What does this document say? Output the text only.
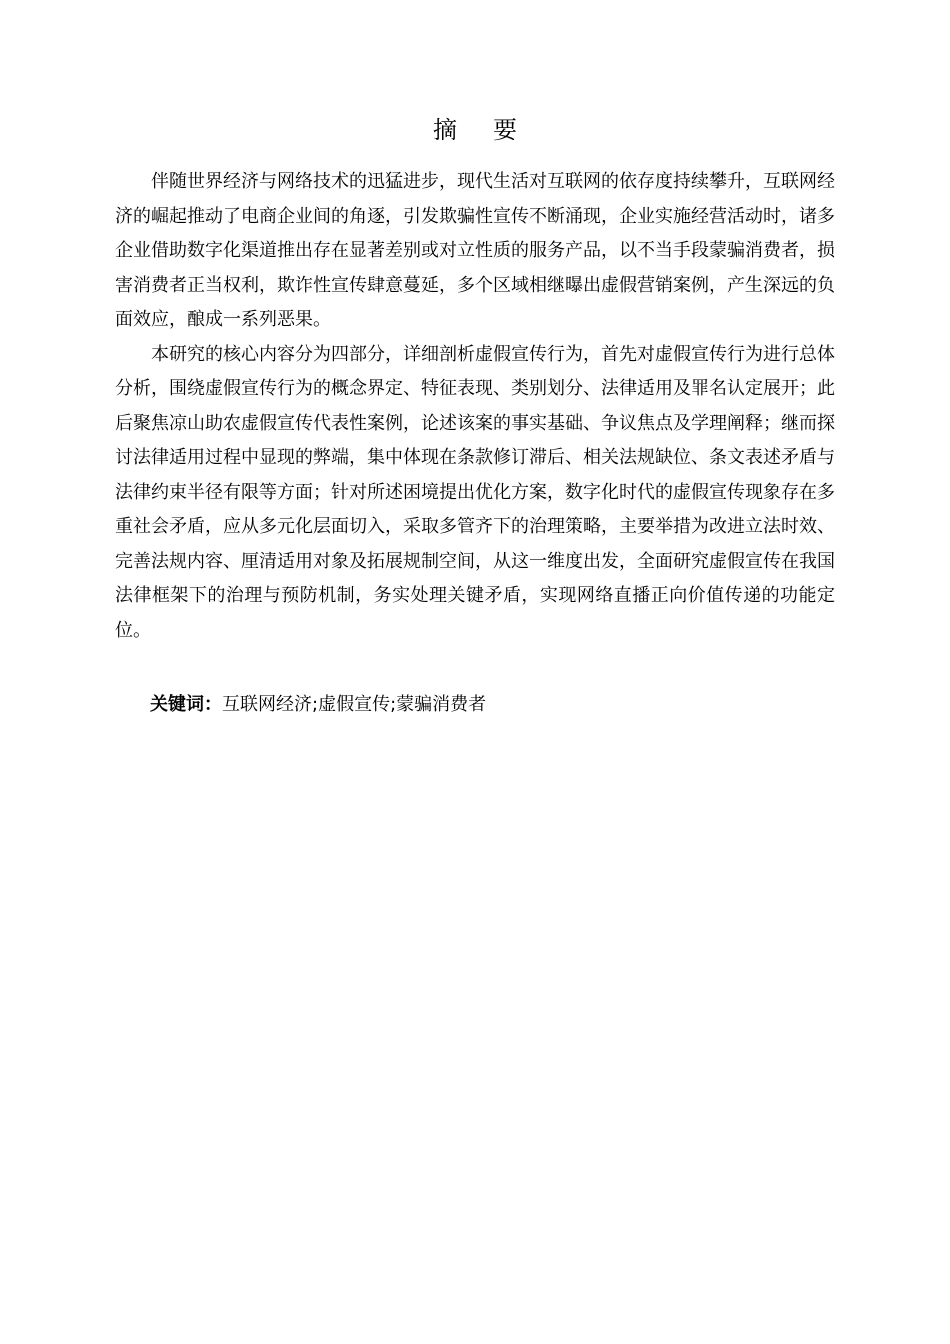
摘 要

伴随世界经济与网络技术的迅猛进步，现代生活对互联网的依存度持续攀升，互联网经济的崛起推动了电商企业间的角逐，引发欺骗性宣传不断涌现，企业实施经营活动时，诸多企业借助数字化渠道推出存在显著差别或对立性质的服务产品，以不当手段蒙骗消费者，损害消费者正当权利，欺诈性宣传肆意蔓延，多个区域相继曝出虚假营销案例，产生深远的负面效应，酿成一系列恶果。

本研究的核心内容分为四部分，详细剖析虚假宣传行为，首先对虚假宣传行为进行总体分析，围绕虚假宣传行为的概念界定、特征表现、类别划分、法律适用及罪名认定展开；此后聚焦凉山助农虚假宣传代表性案例，论述该案的事实基础、争议焦点及学理阐释；继而探讨法律适用过程中显现的弊端，集中体现在条款修订滞后、相关法规缺位、条文表述矛盾与法律约束半径有限等方面；针对所述困境提出优化方案，数字化时代的虚假宣传现象存在多重社会矛盾，应从多元化层面切入，采取多管齐下的治理策略，主要举措为改进立法时效、完善法规内容、厘清适用对象及拓展规制空间，从这一维度出发，全面研究虚假宣传在我国法律框架下的治理与预防机制，务实处理关键矛盾，实现网络直播正向价值传递的功能定位。

关键词：互联网经济;虚假宣传;蒙骗消费者
